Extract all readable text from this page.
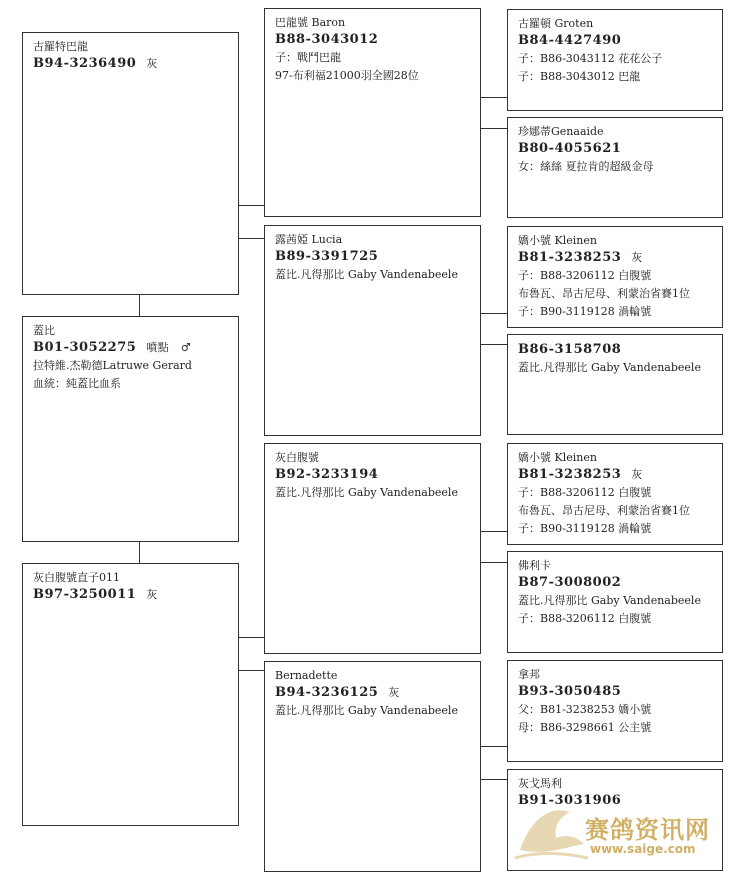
古羅特巴龍
B94-3236490 灰
蓋比
B01-3052275 噴點　♂
拉特維.杰勒德Latruwe Gerard
血統：純蓋比血系
灰白腹號直子011
B97-3250011 灰
巴龍號 Baron
B88-3043012
子：戰鬥巴龍
97-布利福21000羽全國28位
露茜婭 Lucia
B89-3391725
蓋比.凡得那比 Gaby Vandenabeele
灰白腹號
B92-3233194
蓋比.凡得那比 Gaby Vandenabeele
Bernadette
B94-3236125 灰
蓋比.凡得那比 Gaby Vandenabeele
古羅頓 Groten
B84-4427490
子：B86-3043112 花花公子
子：B88-3043012 巴龍
珍娜蒂Genaaide
B80-4055621
女：絲絲 夏拉肯的超級金母
嬌小號 Kleinen
B81-3238253 灰
子：B88-3206112 白腹號
布魯瓦、昂古尼母、利蒙治省賽1位
子：B90-3119128 渦輪號
B86-3158708
蓋比.凡得那比 Gaby Vandenabeele
嬌小號 Kleinen
B81-3238253 灰
子：B88-3206112 白腹號
布魯瓦、昂古尼母、利蒙治省賽1位
子：B90-3119128 渦輪號
佛利卡
B87-3008002
蓋比.凡得那比 Gaby Vandenabeele
子：B88-3206112 白腹號
拿邦
B93-3050485
父：B81-3238253 嬌小號
母：B86-3298661 公主號
灰戈馬利
B91-3031906
赛鸽资讯网
www.saige.com
